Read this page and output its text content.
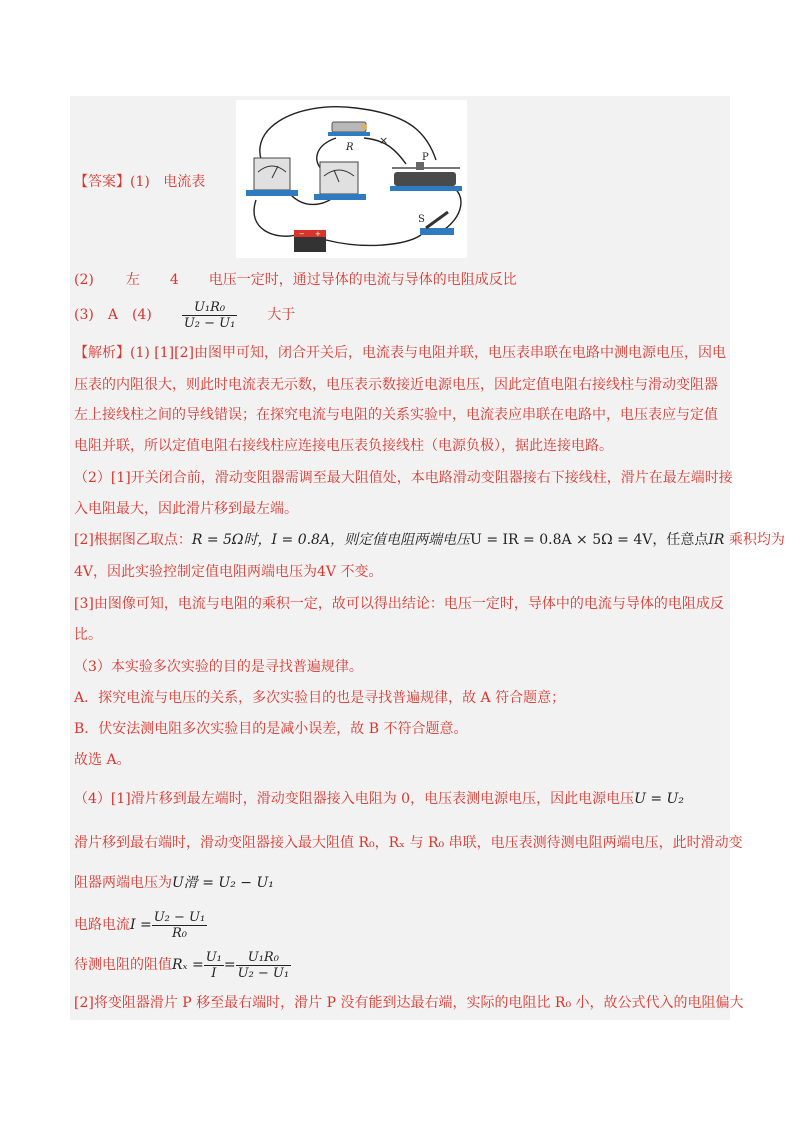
【答案】(1) 电流表
×
R
P
S
− +
(2) 左 4 电压一定时，通过导体的电流与导体的电阻成反比
(3) A $(4) \frac{\text{U₁R₀}}{\text{U₂ − U₁}}$ 大于
【解析】(1) [1][2]由图甲可知，闭合开关后，电流表与电阻并联，电压表串联在电路中测电源电压，因电
压表的内阻很大，则此时电流表无示数，电压表示数接近电源电压，因此定值电阻右接线柱与滑动变阻器
左上接线柱之间的导线错误；在探究电流与电阻的关系实验中，电流表应串联在电路中，电压表应与定值
电阻并联，所以定值电阻右接线柱应连接电压表负接线柱（电源负极），据此连接电路。
（2）[1]开关闭合前，滑动变阻器需调至最大阻值处，本电路滑动变阻器接右下接线柱，滑片在最左端时接
入电阻最大，因此滑片移到最左端。
[2]根据图乙取点：R = 5Ω时，I = 0.8A，则定值电阻两端电压U = IR = 0.8A × 5Ω = 4V，任意点IR 乘积均为
4V，因此实验控制定值电阻两端电压为4V 不变。
[3]由图像可知，电流与电阻的乘积一定，故可以得出结论：电压一定时，导体中的电流与导体的电阻成反
比。
（3）本实验多次实验的目的是寻找普遍规律。
A．探究电流与电压的关系，多次实验目的也是寻找普遍规律，故 A 符合题意；
B．伏安法测电阻多次实验目的是减小误差，故 B 不符合题意。
故选 A。
（4）[1]滑片移到最左端时，滑动变阻器接入电阻为 0，电压表测电源电压，因此电源电压U = U₂
滑片移到最右端时，滑动变阻器接入最大阻值 R₀，Rₓ 与 R₀ 串联，电压表测待测电阻两端电压，此时滑动变
阻器两端电压为U滑 = U₂ − U₁
电路电流$I = \frac{\text{U₂ − U₁}}{\text{R₀}}$
待测电阻的阻值$R_x = \frac{\text{U₁}}{I} = \frac{\text{U₁R₀}}{\text{U₂ − U₁}}$
[2]将变阻器滑片 P 移至最右端时，滑片 P 没有能到达最右端，实际的电阻比 R₀ 小，故公式代入的电阻偏大
